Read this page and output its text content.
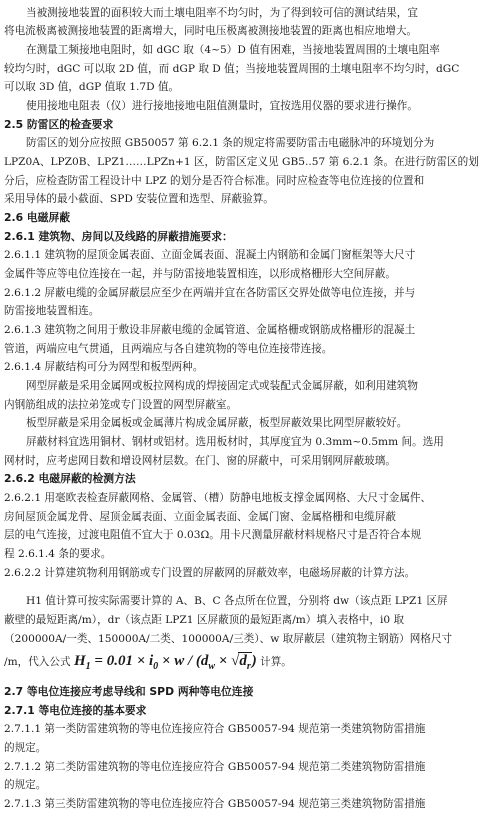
当被测接地装置的面积较大而土壤电阻率不均匀时，为了得到较可信的测试结果，宜
将电流极离被测接地装置的距离增大，同时电压极离被测接地装置的距离也相应地增大。
在测量工频接地电阻时，如 dGC 取（4~5）D 值有困难，当接地装置周围的土壤电阻率
较均匀时，dGC 可以取 2D 值，而 dGP 取 D 值；当接地装置周围的土壤电阻率不均匀时，dGC
可以取 3D 值，dGP 值取 1.7D 值。
使用接地电阻表（仪）进行接地接地电阻值测量时，宜按选用仪器的要求进行操作。
2.5 防雷区的检查要求
防雷区的划分应按照 GB50057 第 6.2.1 条的规定将需要防雷击电磁脉冲的环境划分为
LPZ0A、LPZ0B、LPZ1……LPZn+1 区，防雷区定义见 GB5..57 第 6.2.1 条。在进行防雷区的划
分后，应检查防雷工程设计中 LPZ 的划分是否符合标准。同时应检查等电位连接的位置和
采用导体的最小截面、SPD 安装位置和选型、屏蔽验算。
2.6 电磁屏蔽
2.6.1 建筑物、房间以及线路的屏蔽措施要求：
2.6.1.1 建筑物的屋顶金属表面、立面金属表面、混凝土内钢筋和金属门窗框架等大尺寸
金属件等应等电位连接在一起，并与防雷接地装置相连，以形成格栅形大空间屏蔽。
2.6.1.2 屏蔽电缆的金属屏蔽层应至少在两端并宜在各防雷区交界处做等电位连接，并与
防雷接地装置相连。
2.6.1.3 建筑物之间用于敷设非屏蔽电缆的金属管道、金属格栅或钢筋成格栅形的混凝土
管道，两端应电气贯通，且两端应与各自建筑物的等电位连接带连接。
2.6.1.4 屏蔽结构可分为网型和板型两种。
网型屏蔽是采用金属网或板拉网构成的焊接固定式或装配式金属屏蔽，如利用建筑物
内钢筋组成的法拉弟笼或专门设置的网型屏蔽室。
板型屏蔽是采用金属板或金属薄片构成金属屏蔽，板型屏蔽效果比网型屏蔽较好。
屏蔽材料宜选用铜材、钢材或铝材。选用板材时，其厚度宜为 0.3mm~0.5mm 间。选用
网材时，应考虑网目数和增设网材层数。在门、窗的屏蔽中，可采用钢网屏蔽玻璃。
2.6.2 电磁屏蔽的检测方法
2.6.2.1 用毫欧表检查屏蔽网格、金属管、（槽）防静电地板支撑金属网格、大尺寸金属件、
房间屋顶金属龙骨、屋顶金属表面、立面金属表面、金属门窗、金属格栅和电缆屏蔽
层的电气连接，过渡电阻值不宜大于 0.03Ω。用卡尺测量屏蔽材料规格尺寸是否符合本规
程 2.6.1.4 条的要求。
2.6.2.2 计算建筑物利用钢筋或专门设置的屏蔽网的屏蔽效率，电磁场屏蔽的计算方法。
H1 值计算可按实际需要计算的 A、B、C 各点所在位置，分别将 dw（该点距 LPZ1 区屏
蔽壁的最短距离/m），dr（该点距 LPZ1 区屏蔽顶的最短距离/m）填入表格中，i0 取
（200000A/一类、150000A/二类、100000A/三类）、w 取屏蔽层（建筑物主钢筋）网格尺寸
/m，代入公式 $H_1 = 0.01 \times i_0 \times w / (d_w \times √d_r)$ 计算。
2.7 等电位连接应考虑导线和 SPD 两种等电位连接
2.7.1 等电位连接的基本要求
2.7.1.1 第一类防雷建筑物的等电位连接应符合 GB50057-94 规范第一类建筑物防雷措施
的规定。
2.7.1.2 第二类防雷建筑物的等电位连接应符合 GB50057-94 规范第二类建筑物防雷措施
的规定。
2.7.1.3 第三类防雷建筑物的等电位连接应符合 GB50057-94 规范第三类建筑物防雷措施
